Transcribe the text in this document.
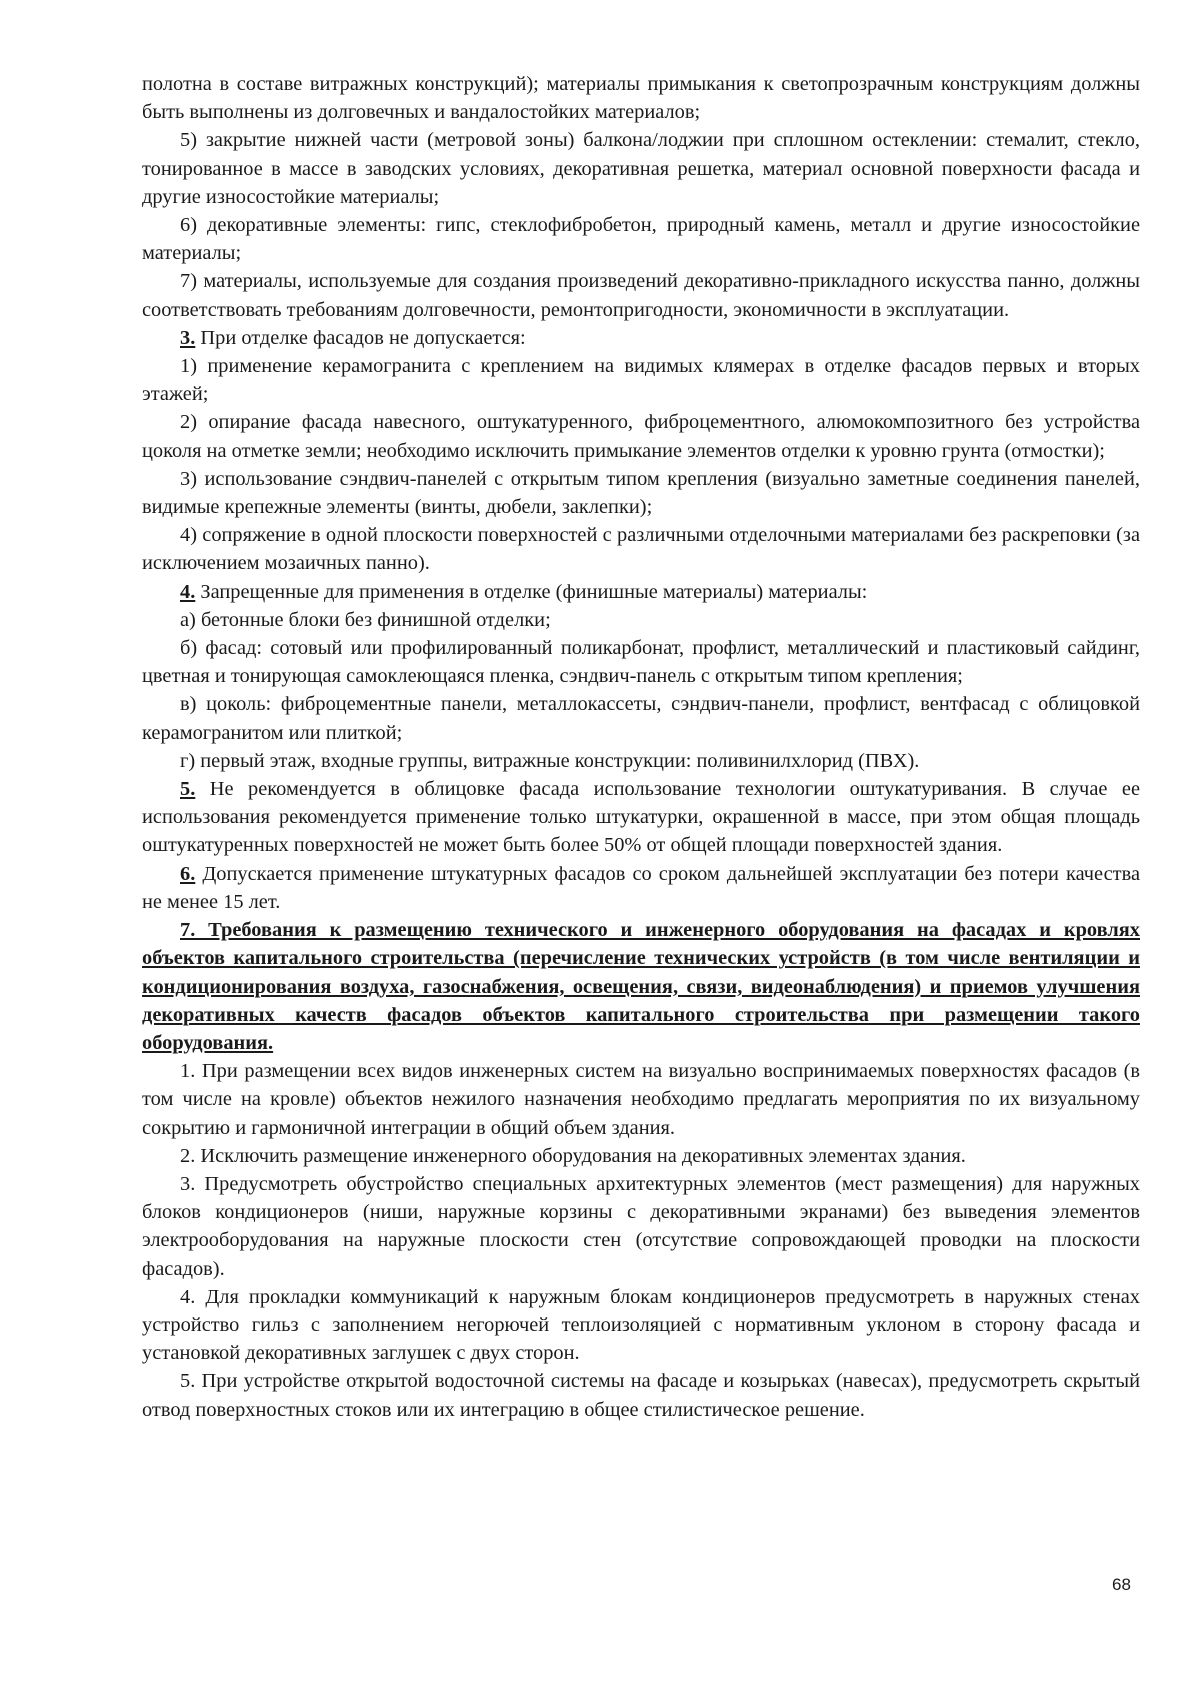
полотна в составе витражных конструкций); материалы примыкания к светопрозрачным конструкциям должны быть выполнены из долговечных и вандалостойких материалов;

5) закрытие нижней части (метровой зоны) балкона/лоджии при сплошном остеклении: стемалит, стекло, тонированное в массе в заводских условиях, декоративная решетка, материал основной поверхности фасада и другие износостойкие материалы;

6) декоративные элементы: гипс, стеклофибробетон, природный камень, металл и другие износостойкие материалы;

7) материалы, используемые для создания произведений декоративно-прикладного искусства панно, должны соответствовать требованиям долговечности, ремонтопригодности, экономичности в эксплуатации.

3. При отделке фасадов не допускается:

1) применение керамогранита с креплением на видимых клямерах в отделке фасадов первых и вторых этажей;

2) опирание фасада навесного, оштукатуренного, фиброцементного, алюмокомпозитного без устройства цоколя на отметке земли; необходимо исключить примыкание элементов отделки к уровню грунта (отмостки);

3) использование сэндвич-панелей с открытым типом крепления (визуально заметные соединения панелей, видимые крепежные элементы (винты, дюбели, заклепки);

4) сопряжение в одной плоскости поверхностей с различными отделочными материалами без раскреповки (за исключением мозаичных панно).

4. Запрещенные для применения в отделке (финишные материалы) материалы:

а) бетонные блоки без финишной отделки;

б) фасад: сотовый или профилированный поликарбонат, профлист, металлический и пластиковый сайдинг, цветная и тонирующая самоклеющаяся пленка, сэндвич-панель с открытым типом крепления;

в) цоколь: фиброцементные панели, металлокассеты, сэндвич-панели, профлист, вентфасад с облицовкой керамогранитом или плиткой;

г) первый этаж, входные группы, витражные конструкции: поливинилхлорид (ПВХ).

5. Не рекомендуется в облицовке фасада использование технологии оштукатуривания. В случае ее использования рекомендуется применение только штукатурки, окрашенной в массе, при этом общая площадь оштукатуренных поверхностей не может быть более 50% от общей площади поверхностей здания.

6. Допускается применение штукатурных фасадов со сроком дальнейшей эксплуатации без потери качества не менее 15 лет.

7. Требования к размещению технического и инженерного оборудования на фасадах и кровлях объектов капитального строительства (перечисление технических устройств (в том числе вентиляции и кондиционирования воздуха, газоснабжения, освещения, связи, видеонаблюдения) и приемов улучшения декоративных качеств фасадов объектов капитального строительства при размещении такого оборудования.

1. При размещении всех видов инженерных систем на визуально воспринимаемых поверхностях фасадов (в том числе на кровле) объектов нежилого назначения необходимо предлагать мероприятия по их визуальному сокрытию и гармоничной интеграции в общий объем здания.

2. Исключить размещение инженерного оборудования на декоративных элементах здания.

3. Предусмотреть обустройство специальных архитектурных элементов (мест размещения) для наружных блоков кондиционеров (ниши, наружные корзины с декоративными экранами) без выведения элементов электрооборудования на наружные плоскости стен (отсутствие сопровождающей проводки на плоскости фасадов).

4. Для прокладки коммуникаций к наружным блокам кондиционеров предусмотреть в наружных стенах устройство гильз с заполнением негорючей теплоизоляцией с нормативным уклоном в сторону фасада и установкой декоративных заглушек с двух сторон.

5. При устройстве открытой водосточной системы на фасаде и козырьках (навесах), предусмотреть скрытый отвод поверхностных стоков или их интеграцию в общее стилистическое решение.

68
